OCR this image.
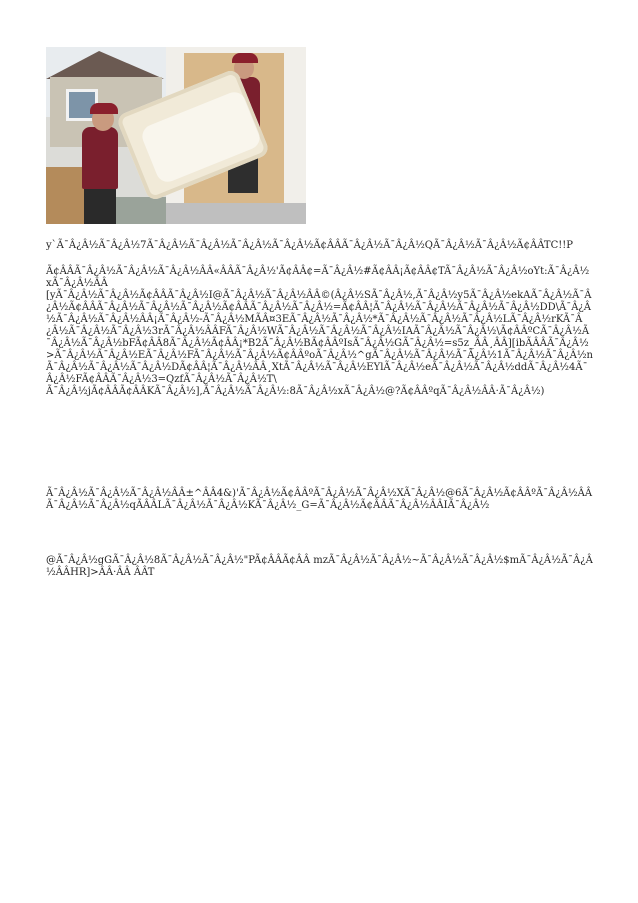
y`Ã¯Â¿Â½Ã¯Â¿Â½7Ã¯Â¿Â½Ã¯Â¿Â½Ã¯Â¿Â½Ã¯Â¿Â½Ã¢ÂÂÃ¯Â¿Â½Ã¯Â¿Â½QÃ¯Â¿Â½Ã¯Â¿Â½Ã¢ÂÂTC!!P

Ã¢ÂÂÃ¯Â¿Â½Ã¯Â¿Â½Ã¯Â¿Â½ÂÂ«ÂÂÃ¯Â¿Â½'Ã¢ÂÂ¢=Ã¯Â¿Â½#Ã¢ÂÂ¡Ã¢ÂÂ¢TÃ¯Â¿Â½Ã¯Â¿Â½oYt:Ã¯Â¿Â½xÃ¯Â¿Â½ÂÂ
[yÃ¯Â¿Â½Ã¯Â¿Â½Ã¢ÂÂÃ¯Â¿Â½I@Ã¯Â¿Â½Ã¯Â¿Â½ÂÂ©(Â¿Â½SÃ¯Â¿Â½,Ã¯Â¿Â½y5Ã¯Â¿Â½ekAÃ¯Â¿Â½Ã¯Â¿Â½Ã¢ÂÂÃ¯Â¿Â½Ã¯Â¿Â½Ã¯Â¿Â½Ã¢ÂÂÃ¯Â¿Â½Ã¯Â¿Â½=Ã¢ÂÂ¦Ã¯Â¿Â½Ã¯Â¿Â½Ã¯Â¿Â½Ã¯Â¿Â½DD\Ã¯Â¿Â½Ã¯Â¿Â½Ã¯Â¿Â½ÂÂ¡Ã¯Â¿Â½-Ã¯Â¿Â½MÃÂ¤3EÃ¯Â¿Â½Ã¯Â¿Â½*Ã¯Â¿Â½Ã¯Â¿Â½Ã¯Â¿Â½LÃ¯Â¿Â½rKÃ¯Â¿Â½Ã¯Â¿Â½Ã¯Â¿Â½3rÃ¯Â¿Â½ÂÂFÃ¯Â¿Â½WÃ¯Â¿Â½Ã¯Â¿Â½Ã¯Â¿Â½IAÃ¯Â¿Â½Ã¯Â¿Â½\Ã¢ÂÂºCÃ¯Â¿Â½Ã¯Â¿Â½Ã¯Â¿Â½bFÃ¢ÂÂ8Ã¯Â¿Â½Ã¢ÂÂ¡*B2Ã¯Â¿Â½BÃ¢ÂÂºIsÃ¯Â¿Â½GÃ¯Â¿Â½=s5z_ÂÂ¸ÂÂ][ibÃÂÂÃ¯Â¿Â½>Ã¯Â¿Â½Ã¯Â¿Â½EÃ¯Â¿Â½FÃ¯Â¿Â½Ã¯Â¿Â½Ã¢ÂÂºoÃ¯Â¿Â½^gÃ¯Â¿Â½Ã¯Â¿Â½Ã¯Â¿Â½1Ã¯Â¿Â½Ã¯Â¿Â½nÃ¯Â¿Â½Ã¯Â¿Â½Ã¯Â¿Â½DÃ¢ÂÂ¦Ã¯Â¿Â½ÂÂ¸XtÃ¯Â¿Â½Ã¯Â¿Â½EYlÃ¯Â¿Â½eÃ¯Â¿Â½Ã¯Â¿Â½ddÃ¯Â¿Â½4Ã¯Â¿Â½FÃ¢ÂÂÃ¯Â¿Â½3=QzfÃ¯Â¿Â½Ã¯Â¿Â½T\
Ã¯Â¿Â½jÃ¢ÂÂÃ¢ÂÂKÃ¯Â¿Â½],Ã¯Â¿Â½Ã¯Â¿Â½:8Ã¯Â¿Â½xÃ¯Â¿Â½@?Ã¢ÂÂºqÃ¯Â¿Â½ÂÂ·Ã¯Â¿Â½)

Ã¯Â¿Â½Ã¯Â¿Â½Ã¯Â¿Â½ÂÂ±^ÂÂ4&)'Ã¯Â¿Â½Ã¢ÂÂºÃ¯Â¿Â½Ã¯Â¿Â½XÃ¯Â¿Â½@6Ã¯Â¿Â½Ã¢ÂÂºÃ¯Â¿Â½ÂÂÃ¯Â¿Â½Ã¯Â¿Â½qÃÂÂLÃ¯Â¿Â½Ã¯Â¿Â½KÃ¯Â¿Â½_G=Ã¯Â¿Â½Ã¢ÂÂÃ¯Â¿Â½ÂÂIÃ¯Â¿Â½

@Ã¯Â¿Â½gGÃ¯Â¿Â½8Ã¯Â¿Â½Ã¯Â¿Â½"PÃ¢ÂÂÃ¢ÂÂ mzÃ¯Â¿Â½Ã¯Â¿Â½~Ã¯Â¿Â½Ã¯Â¿Â½$mÃ¯Â¿Â½Ã¯Â¿Â½ÂÂHR]>ÂÂ·ÂÂ ÂÂT
